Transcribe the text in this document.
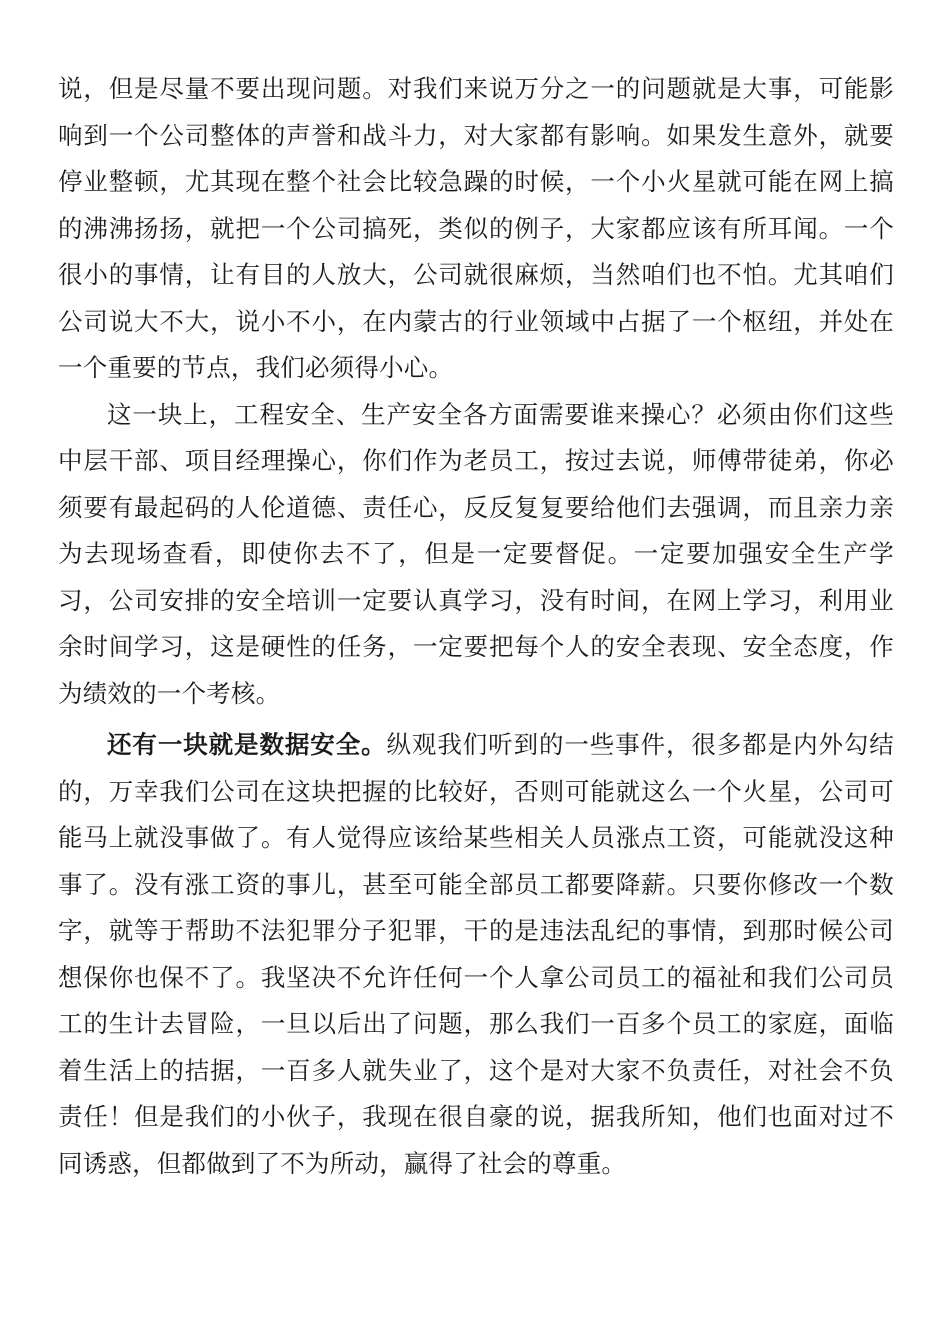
说，但是尽量不要出现问题。对我们来说万分之一的问题就是大事，可能影响到一个公司整体的声誉和战斗力，对大家都有影响。如果发生意外，就要停业整顿，尤其现在整个社会比较急躁的时候，一个小火星就可能在网上搞的沸沸扬扬，就把一个公司搞死，类似的例子，大家都应该有所耳闻。一个很小的事情，让有目的人放大，公司就很麻烦，当然咱们也不怕。尤其咱们公司说大不大，说小不小，在内蒙古的行业领域中占据了一个枢纽，并处在一个重要的节点，我们必须得小心。

这一块上，工程安全、生产安全各方面需要谁来操心？必须由你们这些中层干部、项目经理操心，你们作为老员工，按过去说，师傅带徒弟，你必须要有最起码的人伦道德、责任心，反反复复要给他们去强调，而且亲力亲为去现场查看，即使你去不了，但是一定要督促。一定要加强安全生产学习，公司安排的安全培训一定要认真学习，没有时间，在网上学习，利用业余时间学习，这是硬性的任务，一定要把每个人的安全表现、安全态度，作为绩效的一个考核。

还有一块就是数据安全。纵观我们听到的一些事件，很多都是内外勾结的，万幸我们公司在这块把握的比较好，否则可能就这么一个火星，公司可能马上就没事做了。有人觉得应该给某些相关人员涨点工资，可能就没这种事了。没有涨工资的事儿，甚至可能全部员工都要降薪。只要你修改一个数字，就等于帮助不法犯罪分子犯罪，干的是违法乱纪的事情，到那时候公司想保你也保不了。我坚决不允许任何一个人拿公司员工的福祉和我们公司员工的生计去冒险，一旦以后出了问题，那么我们一百多个员工的家庭，面临着生活上的拮据，一百多人就失业了，这个是对大家不负责任，对社会不负责任！但是我们的小伙子，我现在很自豪的说，据我所知，他们也面对过不同诱惑，但都做到了不为所动，赢得了社会的尊重。
